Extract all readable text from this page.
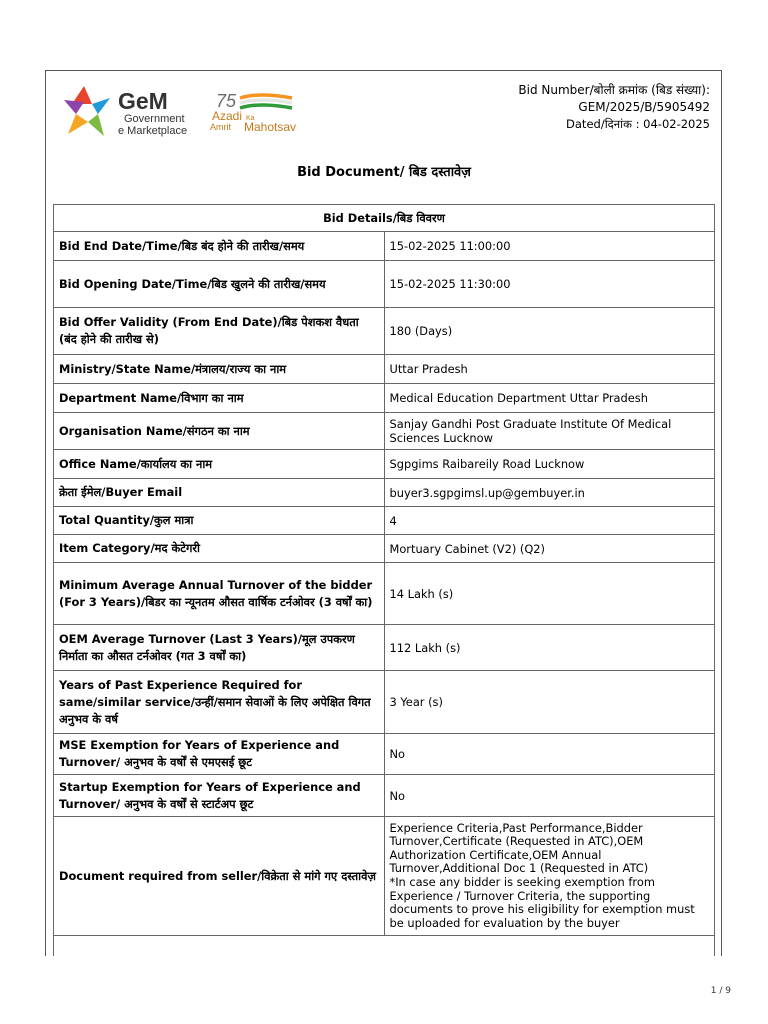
GeM
Government
e Marketplace
75
Azadi Ka
Amrit Mahotsav
Bid Number/बोली क्रमांक (बिड संख्या):
GEM/2025/B/5905492
Dated/दिनांक : 04-02-2025
Bid Document/ बिड दस्तावेज़
Bid Details/बिड विवरण	
Bid End Date/Time/बिड बंद होने की तारीख/समय	15-02-2025 11:00:00
Bid Opening Date/Time/बिड खुलने की तारीख/समय	15-02-2025 11:30:00
Bid Offer Validity (From End Date)/बिड पेशकश वैधता (बंद होने की तारीख से)	180 (Days)
Ministry/State Name/मंत्रालय/राज्य का नाम	Uttar Pradesh
Department Name/विभाग का नाम	Medical Education Department Uttar Pradesh
Organisation Name/संगठन का नाम	Sanjay Gandhi Post Graduate Institute Of Medical Sciences Lucknow
Office Name/कार्यालय का नाम	Sgpgims Raibareily Road Lucknow
क्रेता ईमेल/Buyer Email	buyer3.sgpgimsl.up@gembuyer.in
Total Quantity/कुल मात्रा	4
Item Category/मद केटेगरी	Mortuary Cabinet (V2) (Q2)
Minimum Average Annual Turnover of the bidder (For 3 Years)/बिडर का न्यूनतम औसत वार्षिक टर्नओवर (3 वर्षों का)	14 Lakh (s)
OEM Average Turnover (Last 3 Years)/मूल उपकरण निर्माता का औसत टर्नओवर (गत 3 वर्षों का)	112 Lakh (s)
Years of Past Experience Required for same/similar service/उन्हीं/समान सेवाओं के लिए अपेक्षित विगत अनुभव के वर्ष	3 Year (s)
MSE Exemption for Years of Experience and Turnover/ अनुभव के वर्षों से एमएसई छूट	No
Startup Exemption for Years of Experience and Turnover/ अनुभव के वर्षों से स्टार्टअप छूट	No
Document required from seller/विक्रेता से मांगे गए दस्तावेज़	Experience Criteria,Past Performance,Bidder Turnover,Certificate (Requested in ATC),OEM Authorization Certificate,OEM Annual Turnover,Additional Doc 1 (Requested in ATC)
*In case any bidder is seeking exemption from Experience / Turnover Criteria, the supporting documents to prove his eligibility for exemption must be uploaded for evaluation by the buyer
1 / 9
